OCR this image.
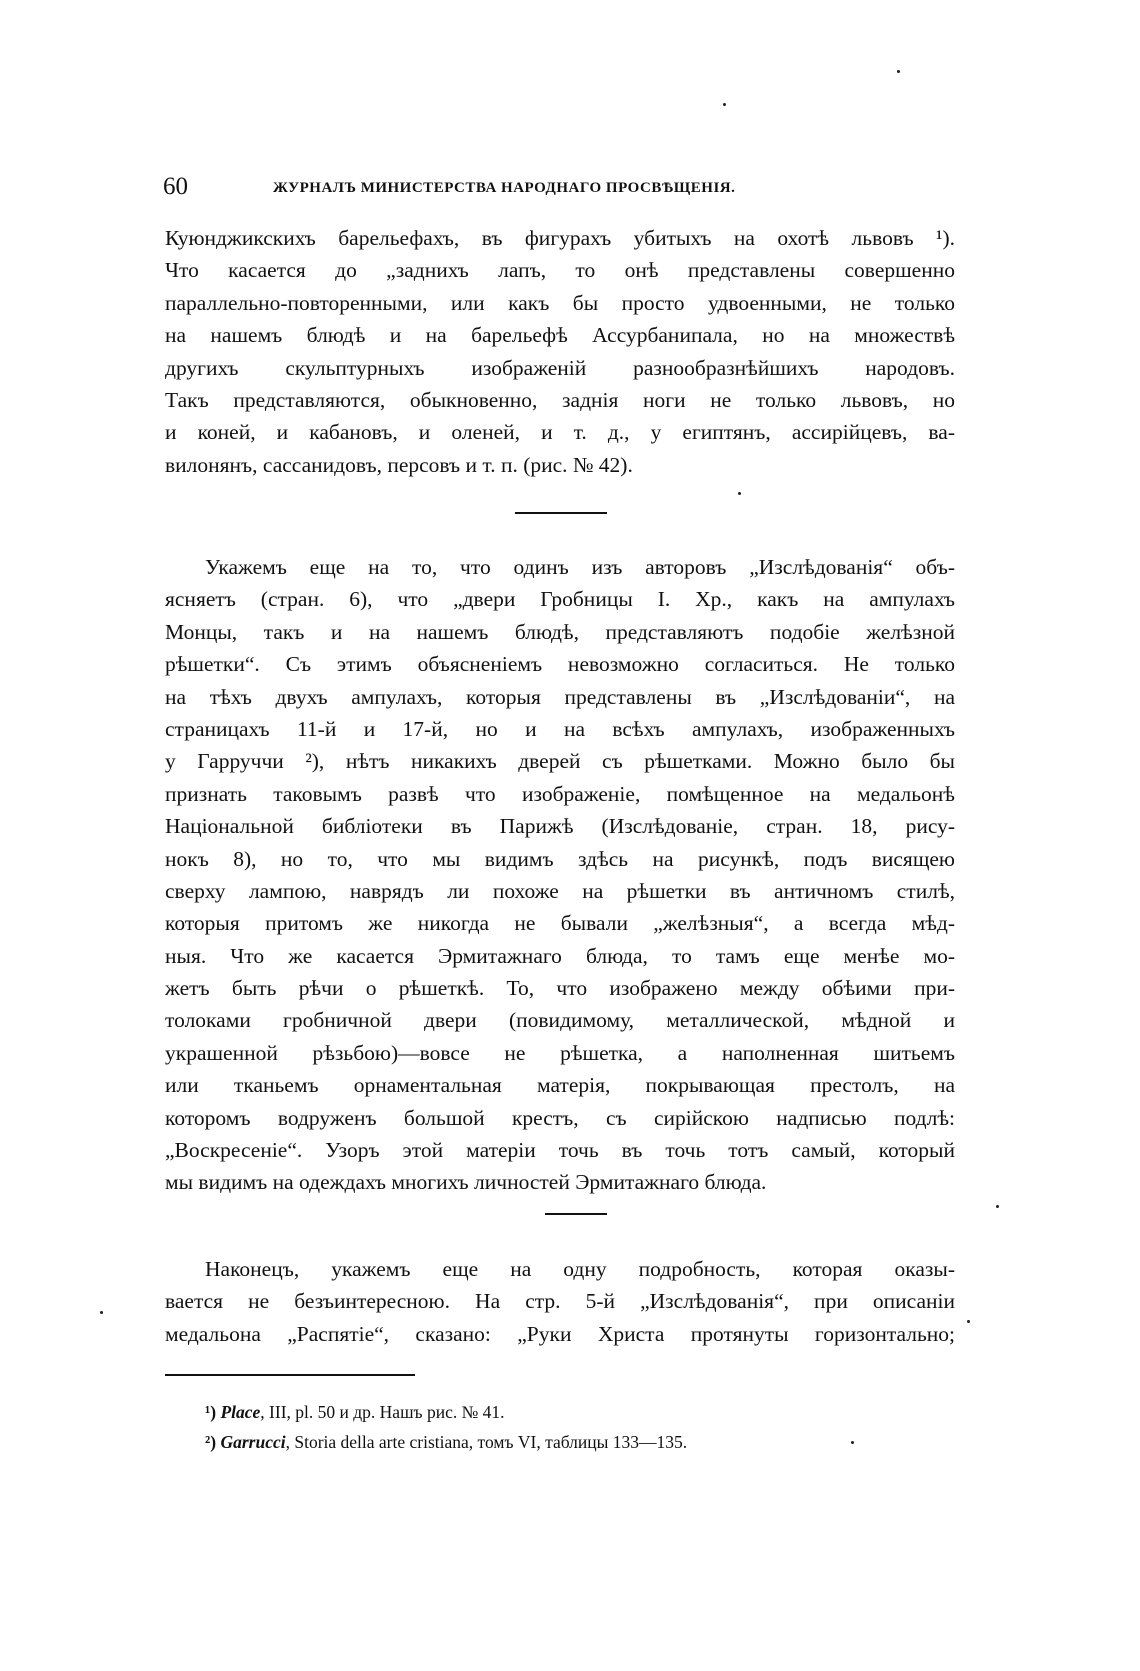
60	ЖУРНАЛЪ МИНИСТЕРСТВА НАРОДНАГО ПРОСВѢЩЕНІЯ.
Куюнджикскихъ барельефахъ, въ фигурахъ убитыхъ на охотѣ львовъ ¹).
Что касается до „заднихъ лапъ, то онѣ представлены совершенно
параллельно-повторенными, или какъ бы просто удвоенными, не только
на нашемъ блюдѣ и на барельефѣ Ассурбанипала, но на множествѣ
другихъ скульптурныхъ изображеній разнообразнѣйшихъ народовъ.
Такъ представляются, обыкновенно, заднія ноги не только львовъ, но
и коней, и кабановъ, и оленей, и т. д., у египтянъ, ассирійцевъ, ва-
вилонянъ, сассанидовъ, персовъ и т. п. (рис. № 42).
Укажемъ еще на то, что одинъ изъ авторовъ „Изслѣдованія“ объ-
ясняетъ (стран. 6), что „двери Гробницы І. Хр., какъ на ампулахъ
Монцы, такъ и на нашемъ блюдѣ, представляютъ подобіе желѣзной
рѣшетки“. Съ этимъ объясненіемъ невозможно согласиться. Не только
на тѣхъ двухъ ампулахъ, которыя представлены въ „Изслѣдованіи“, на
страницахъ 11-й и 17-й, но и на всѣхъ ампулахъ, изображенныхъ
у Гарруччи ²), нѣтъ никакихъ дверей съ рѣшетками. Можно было бы
признать таковымъ развѣ что изображеніе, помѣщенное на медальонѣ
Національной библіотеки въ Парижѣ (Изслѣдованіе, стран. 18, рису-
нокъ 8), но то, что мы видимъ здѣсь на рисункѣ, подъ висящею
сверху лампою, наврядъ ли похоже на рѣшетки въ античномъ стилѣ,
которыя притомъ же никогда не бывали „желѣзныя“, а всегда мѣд-
ныя. Что же касается Эрмитажнаго блюда, то тамъ еще менѣе мо-
жетъ быть рѣчи о рѣшеткѣ. То, что изображено между обѣими при-
толоками гробничной двери (повидимому, металлической, мѣдной и
украшенной рѣзьбою)—вовсе не рѣшетка, а наполненная шитьемъ
или тканьемъ орнаментальная матерія, покрывающая престолъ, на
которомъ водруженъ большой крестъ, съ сирійскою надписью подлѣ:
„Воскресеніе“. Узоръ этой матеріи точь въ точь тотъ самый, который
мы видимъ на одеждахъ многихъ личностей Эрмитажнаго блюда.
Наконецъ, укажемъ еще на одну подробность, которая оказы-
вается не безъинтересною. На стр. 5-й „Изслѣдованія“, при описаніи
медальона „Распятіе“, сказано: „Руки Христа протянуты горизонтально;
¹) Place, III, pl. 50 и др. Нашъ рис. № 41.
²) Garrucci, Storia della arte cristiana, томъ VI, таблицы 133—135.
